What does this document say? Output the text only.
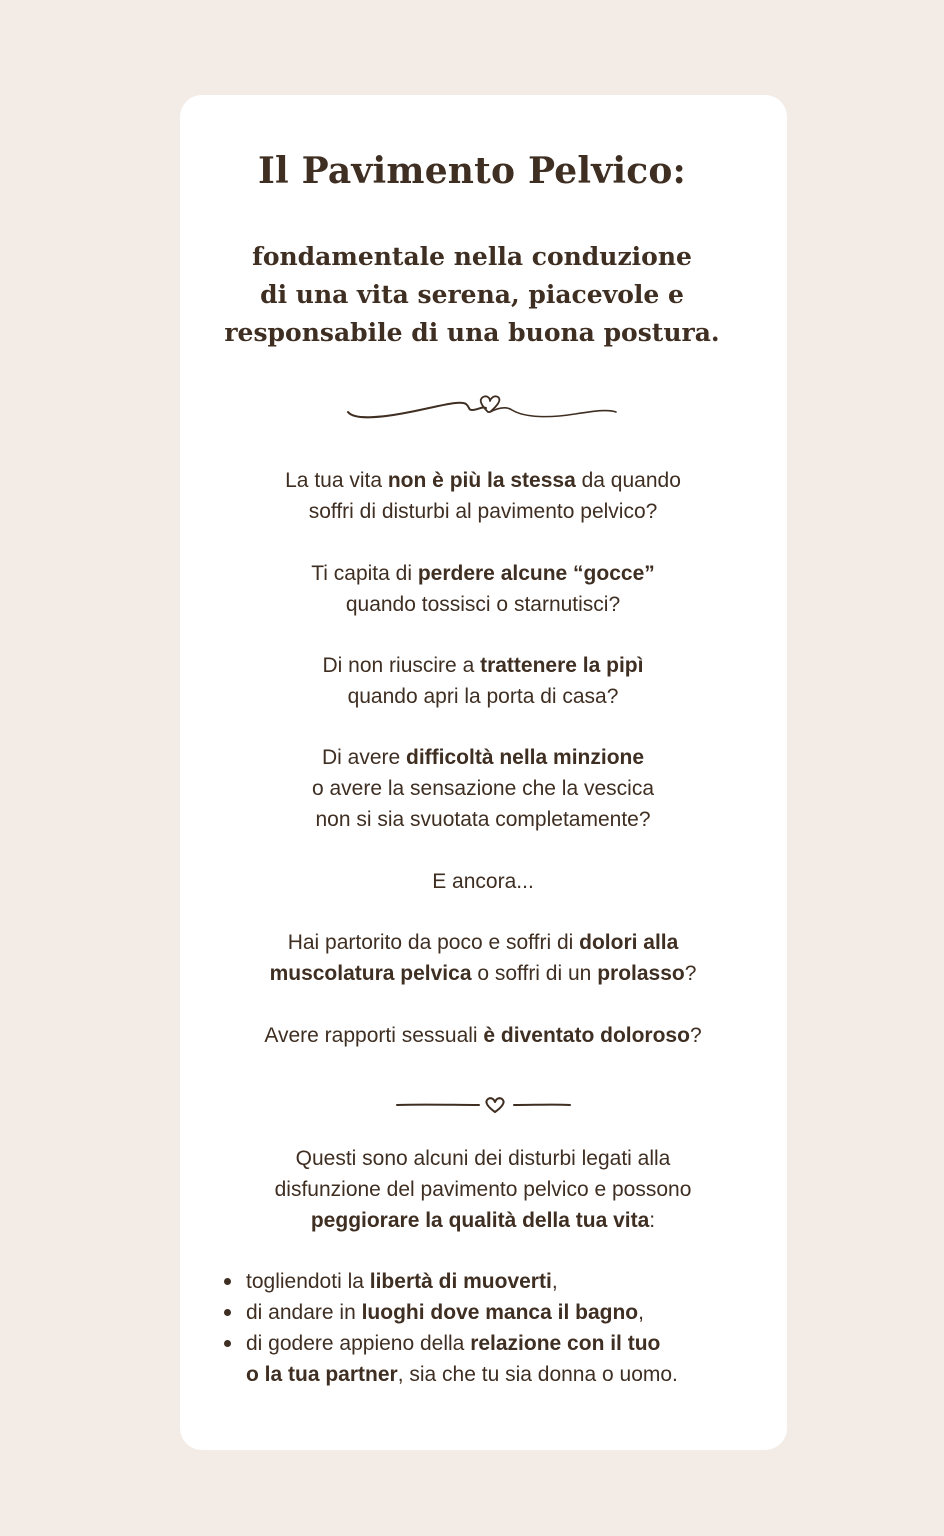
Il Pavimento Pelvico:
fondamentale nella conduzione
di una vita serena, piacevole e
responsabile di una buona postura.
La tua vita non è più la stessa da quando
soffri di disturbi al pavimento pelvico?
Ti capita di perdere alcune “gocce”
quando tossisci o starnutisci?
Di non riuscire a trattenere la pipì
quando apri la porta di casa?
Di avere difficoltà nella minzione
o avere la sensazione che la vescica
non si sia svuotata completamente?
E ancora...
Hai partorito da poco e soffri di dolori alla
muscolatura pelvica o soffri di un prolasso?
Avere rapporti sessuali è diventato doloroso?
Questi sono alcuni dei disturbi legati alla
disfunzione del pavimento pelvico e possono
peggiorare la qualità della tua vita:
togliendoti la libertà di muoverti,
di andare in luoghi dove manca il bagno,
di godere appieno della relazione con il tuo
o la tua partner, sia che tu sia donna o uomo.
